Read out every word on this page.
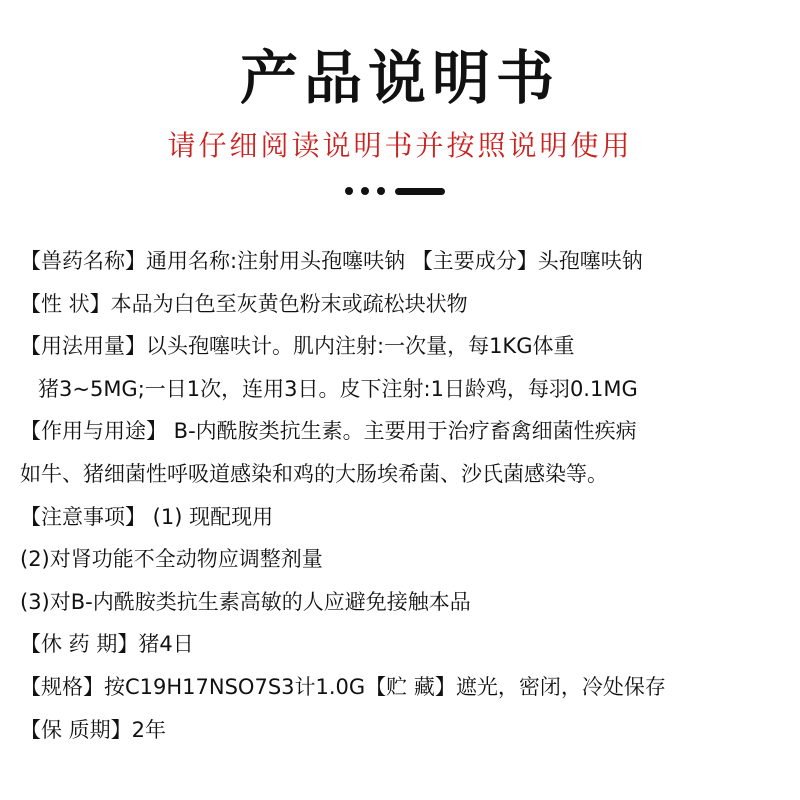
产品说明书
请仔细阅读说明书并按照说明使用
【兽药名称】通用名称:注射用头孢噻呋钠 【主要成分】头孢噻呋钠
【性 状】本品为白色至灰黄色粉末或疏松块状物
【用法用量】以头孢噻呋计。肌内注射:一次量，每1KG体重
猪3~5MG;一日1次，连用3日。皮下注射:1日龄鸡，每羽0.1MG
【作用与用途】 B-内酰胺类抗生素。主要用于治疗畜禽细菌性疾病
如牛、猪细菌性呼吸道感染和鸡的大肠埃希菌、沙氏菌感染等。
【注意事项】 (1) 现配现用
(2)对肾功能不全动物应调整剂量
(3)对B-内酰胺类抗生素高敏的人应避免接触本品
【休 药 期】猪4日
【规格】按C19H17NSO7S3计1.0G【贮 藏】遮光，密闭，冷处保存
【保 质期】2年
